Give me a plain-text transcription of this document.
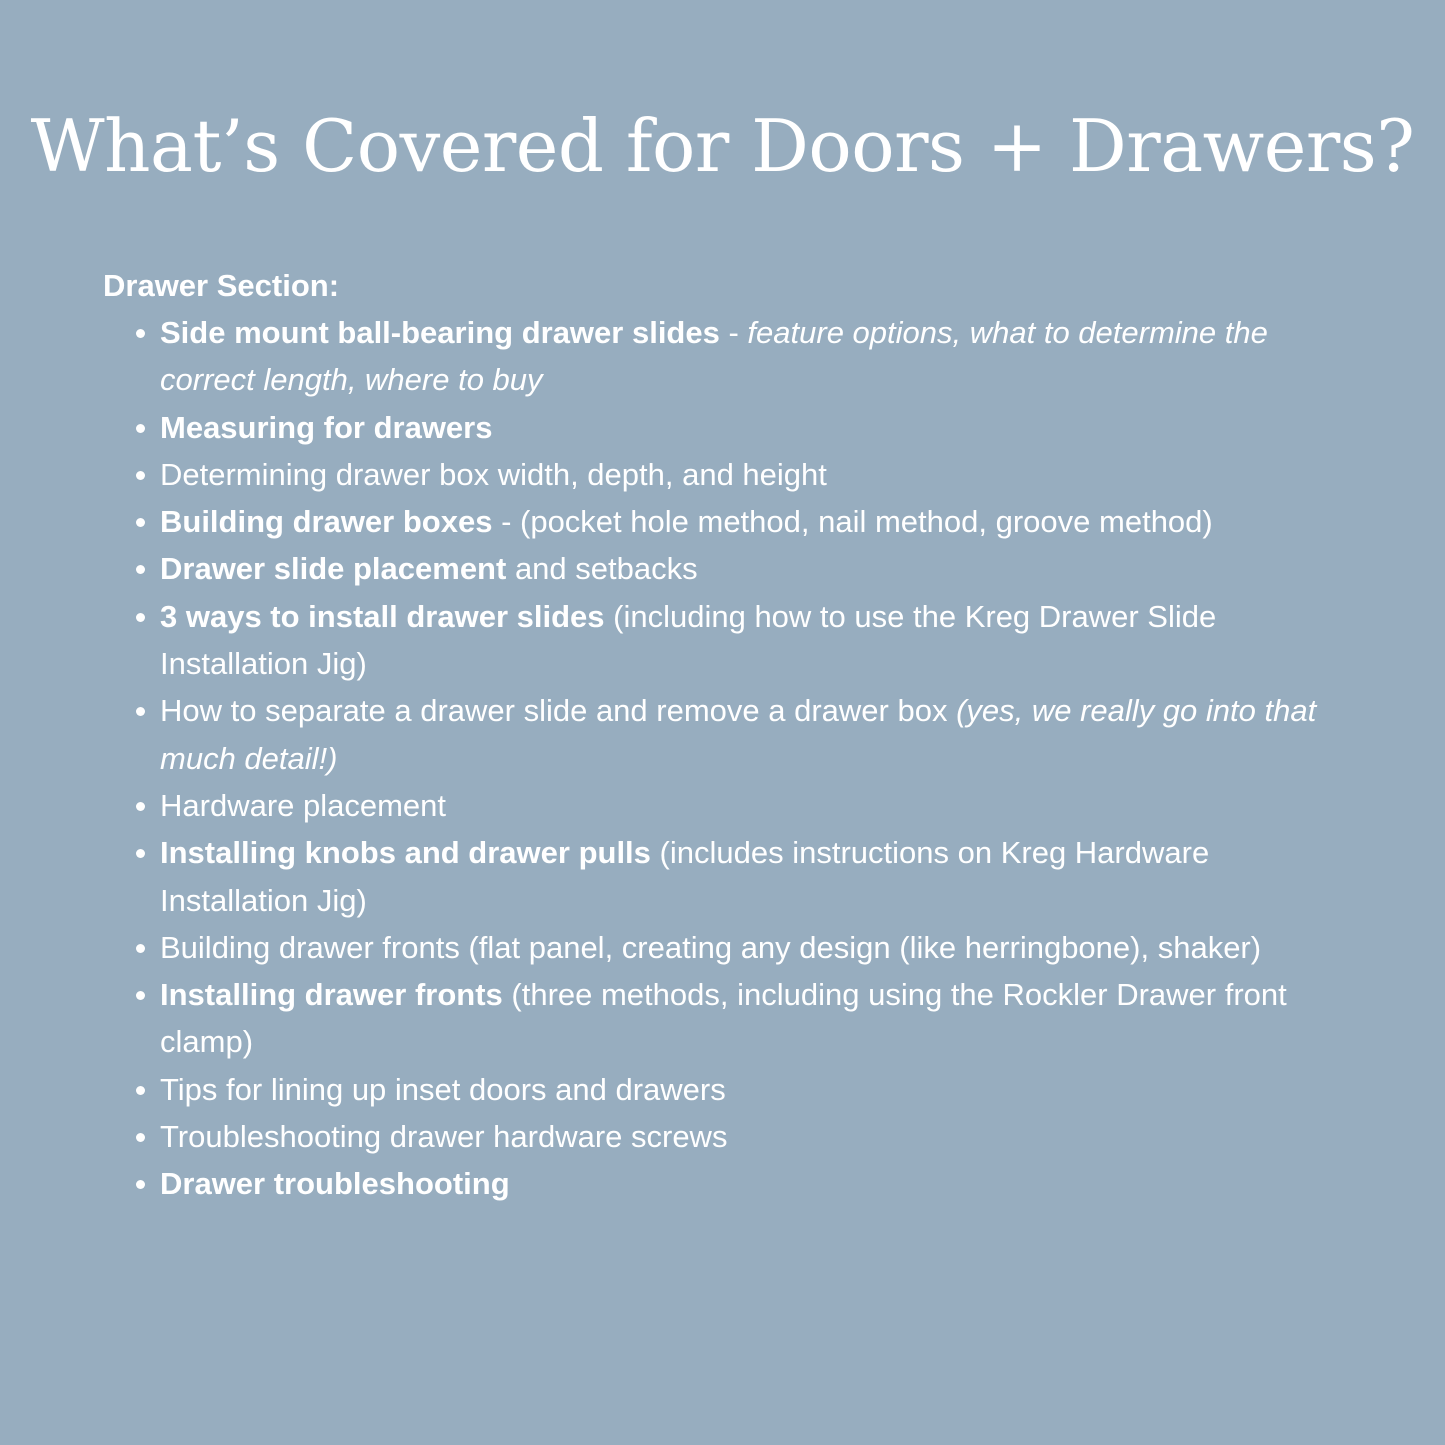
What’s Covered for Doors + Drawers?

Drawer Section:

Side mount ball-bearing drawer slides - feature options, what to determine the correct length, where to buy
Measuring for drawers
Determining drawer box width, depth, and height
Building drawer boxes - (pocket hole method, nail method, groove method)
Drawer slide placement and setbacks
3 ways to install drawer slides (including how to use the Kreg Drawer Slide Installation Jig)
How to separate a drawer slide and remove a drawer box (yes, we really go into that much detail!)
Hardware placement
Installing knobs and drawer pulls (includes instructions on Kreg Hardware Installation Jig)
Building drawer fronts (flat panel, creating any design (like herringbone), shaker)
Installing drawer fronts (three methods, including using the Rockler Drawer front clamp)
Tips for lining up inset doors and drawers
Troubleshooting drawer hardware screws
Drawer troubleshooting
